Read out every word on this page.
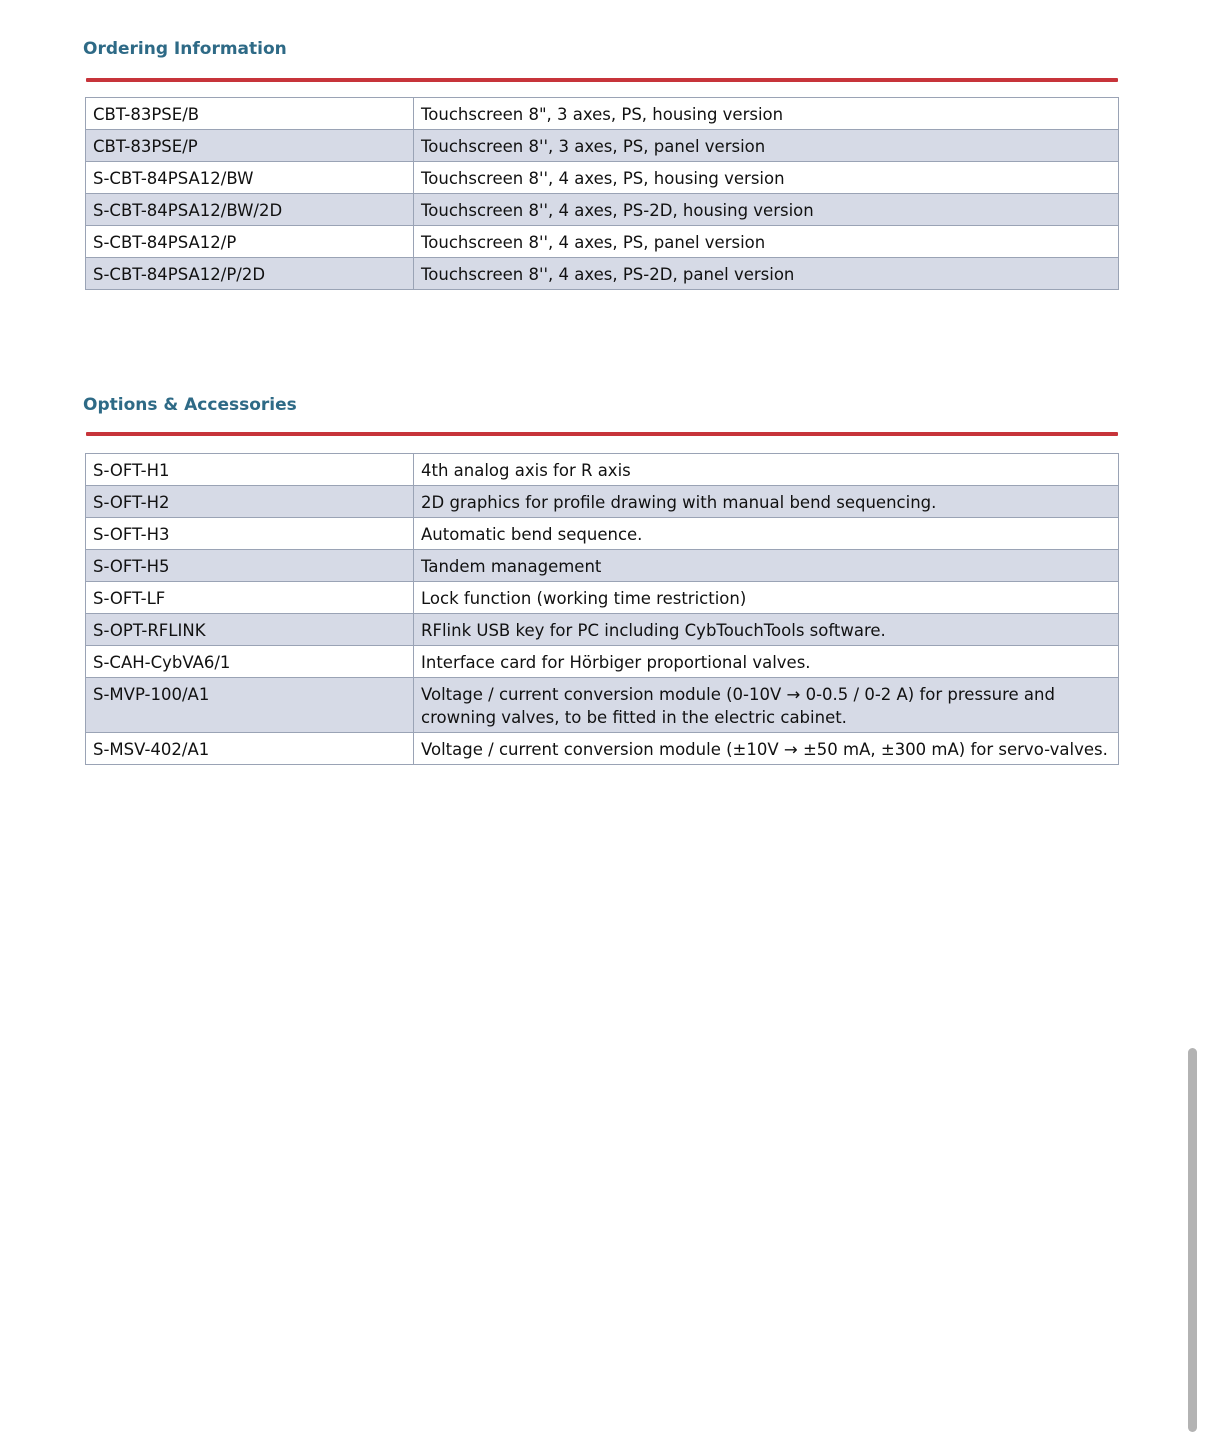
Ordering Information
CBT-83PSE/B	Touchscreen 8", 3 axes, PS, housing version
CBT-83PSE/P	Touchscreen 8'', 3 axes, PS, panel version
S-CBT-84PSA12/BW	Touchscreen 8'', 4 axes, PS, housing version
S-CBT-84PSA12/BW/2D	Touchscreen 8'', 4 axes, PS-2D, housing version
S-CBT-84PSA12/P	Touchscreen 8'', 4 axes, PS, panel version
S-CBT-84PSA12/P/2D	Touchscreen 8'', 4 axes, PS-2D, panel version
Options & Accessories
S-OFT-H1	4th analog axis for R axis
S-OFT-H2	2D graphics for profile drawing with manual bend sequencing.
S-OFT-H3	Automatic bend sequence.
S-OFT-H5	Tandem management
S-OFT-LF	Lock function (working time restriction)
S-OPT-RFLINK	RFlink USB key for PC including CybTouchTools software.
S-CAH-CybVA6/1	Interface card for Hörbiger proportional valves.
S-MVP-100/A1	Voltage / current conversion module (0-10V → 0-0.5 / 0-2 A) for pressure and crowning valves, to be fitted in the electric cabinet.
S-MSV-402/A1	Voltage / current conversion module (±10V → ±50 mA, ±300 mA) for servo-valves.
